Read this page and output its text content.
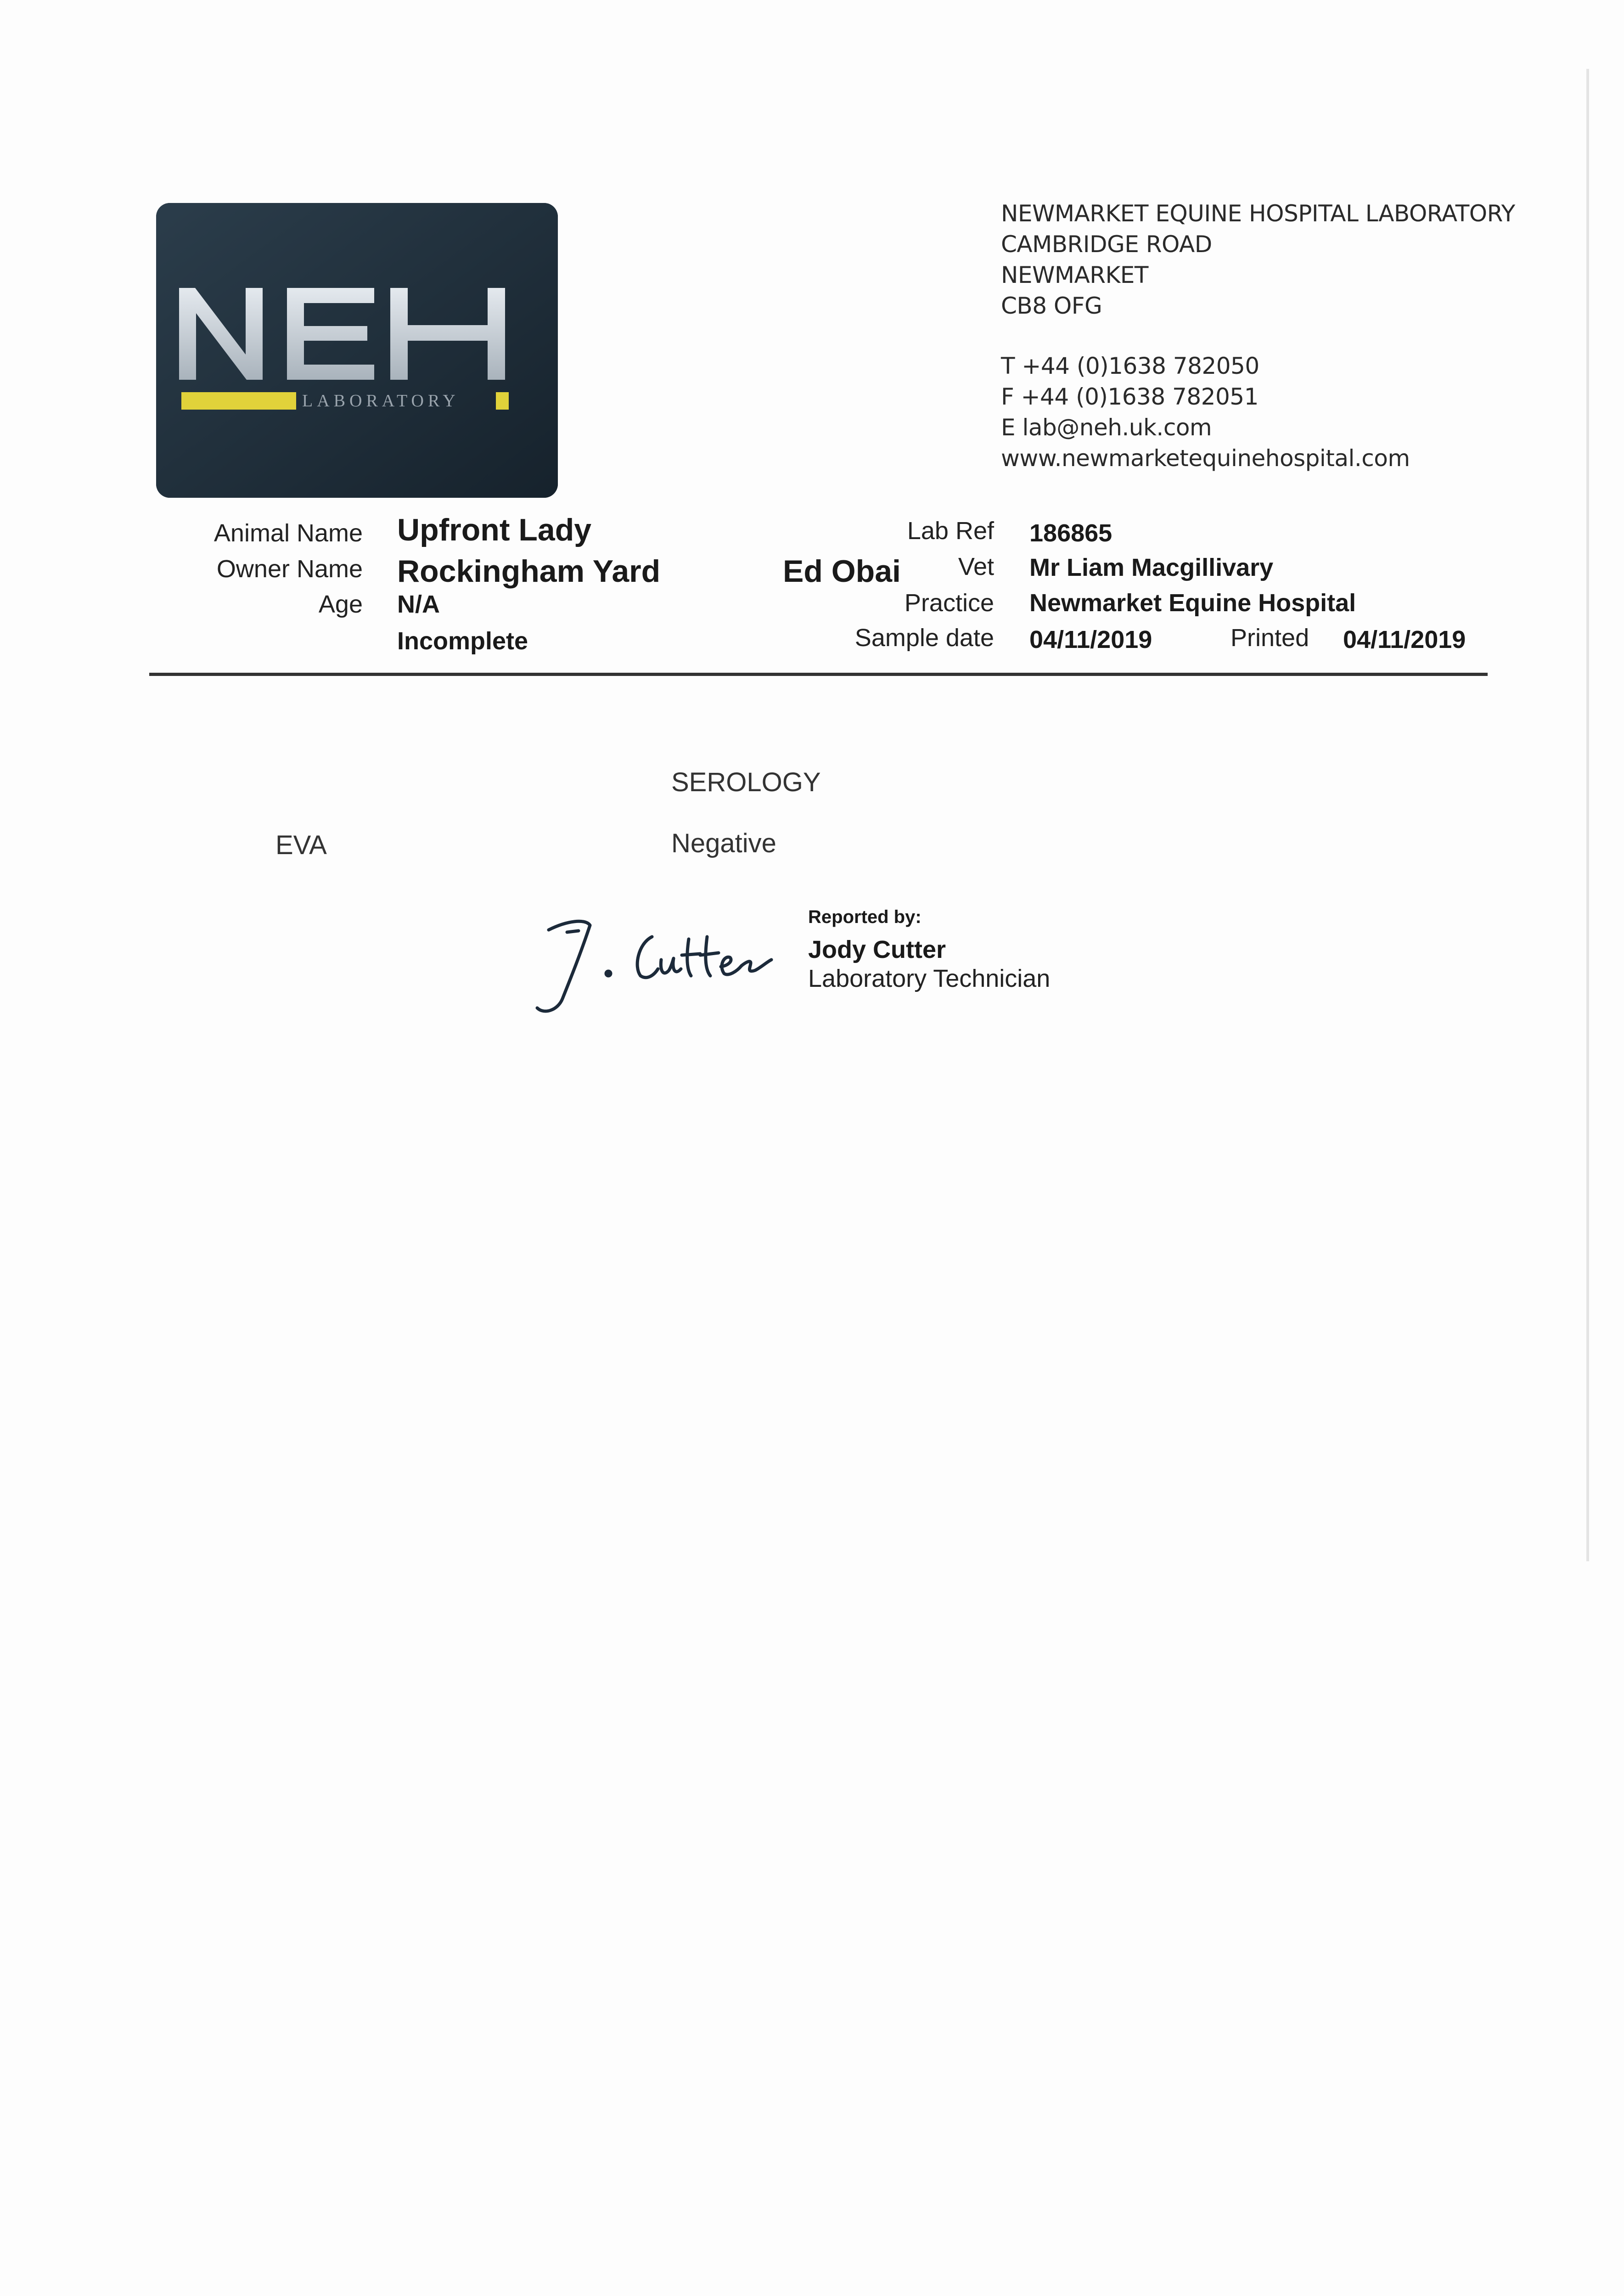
LABORATORY
NEWMARKET EQUINE HOSPITAL LABORATORY
CAMBRIDGE ROAD
NEWMARKET
CB8 OFG
T +44 (0)1638 782050
F +44 (0)1638 782051
E lab@neh.uk.com
www.newmarketequinehospital.com
Animal Name
Owner Name
Age
Upfront Lady
Rockingham Yard
N/A
Incomplete
Ed Obai
Lab Ref
Vet
Practice
Sample date
186865
Mr Liam Macgillivary
Newmarket Equine Hospital
04/11/2019	Printed 04/11/2019
SEROLOGY
EVA	Negative
Reported by:
Jody Cutter
Laboratory Technician
